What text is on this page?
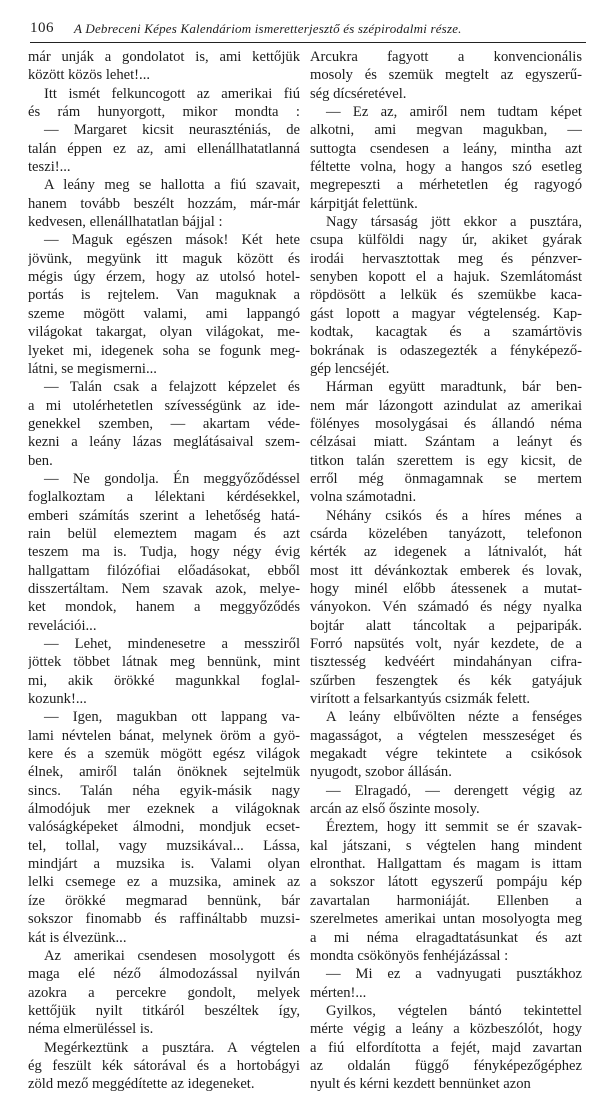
106 A Debreceni Képes Kalendáriom ismeretterjesztő és szépirodalmi része.
már unják a gondolatot is, ami kettőjük
között közös lehet!...
Itt ismét felkuncogott az amerikai fiú
és rám hunyorgott, mikor mondta :
— Margaret kicsit neuraszténiás, de
talán éppen ez az, ami ellenállhatatlanná
teszi!...
A leány meg se hallotta a fiú szavait,
hanem tovább beszélt hozzám, már-már
kedvesen, ellenállhatatlan bájjal :
— Maguk egészen mások! Két hete
jövünk, megyünk itt maguk között és
mégis úgy érzem, hogy az utolsó hotel-
portás is rejtelem. Van maguknak a
szeme mögött valami, ami lappangó
világokat takargat, olyan világokat, me-
lyeket mi, idegenek soha se fogunk meg-
látni, se megismerni...
— Talán csak a felajzott képzelet és
a mi utolérhetetlen szívességünk az ide-
genekkel szemben, — akartam véde-
kezni a leány lázas meglátásaival szem-
ben.
— Ne gondolja. Én meggyőződéssel
foglalkoztam a lélektani kérdésekkel,
emberi számítás szerint a lehetőség hatá-
rain belül elemeztem magam és azt
teszem ma is. Tudja, hogy négy évig
hallgattam filózófiai előadásokat, ebből
disszertáltam. Nem szavak azok, melye-
ket mondok, hanem a meggyőződés
revelációi...
— Lehet, mindenesetre a messziről
jöttek többet látnak meg bennünk, mint
mi, akik örökké magunkkal foglal-
kozunk!...
— Igen, magukban ott lappang va-
lami névtelen bánat, melynek öröm a gyö-
kere és a szemük mögött egész világok
élnek, amiről talán önöknek sejtelmük
sincs. Talán néha egyik-másik nagy
álmodójuk mer ezeknek a világoknak
valóságképeket álmodni, mondjuk ecset-
tel, tollal, vagy muzsikával... Lássa,
mindjárt a muzsika is. Valami olyan
lelki csemege ez a muzsika, aminek az
íze örökké megmarad bennünk, bár
sokszor finomabb és raffináltabb muzsi-
kát is élvezünk...
Az amerikai csendesen mosolygott és
maga elé néző álmodozással nyilván
azokra a percekre gondolt, melyek
kettőjük nyilt titkáról beszéltek így,
néma elmerüléssel is.
Megérkeztünk a pusztára. A végtelen
ég feszült kék sátorával és a hortobágyi
zöld mező meggédítette az idegeneket.
Arcukra fagyott a konvencionális
mosoly és szemük megtelt az egyszerű-
ség dícséretével.
— Ez az, amiről nem tudtam képet
alkotni, ami megvan magukban, —
suttogta csendesen a leány, mintha azt
féltette volna, hogy a hangos szó esetleg
megrepeszti a mérhetetlen ég ragyogó
kárpitját felettünk.
Nagy társaság jött ekkor a pusztára,
csupa külföldi nagy úr, akiket gyárak
irodái hervasztottak meg és pénzver-
senyben kopott el a hajuk. Szemlátomást
röpdösött a lelkük és szemükbe kaca-
gást lopott a magyar végtelenség. Kap-
kodtak, kacagtak és a szamártövis
bokrának is odaszegezték a fényképező-
gép lencséjét.
Hárman együtt maradtunk, bár ben-
nem már lázongott azindulat az amerikai
fölényes mosolygásai és állandó néma
célzásai miatt. Szántam a leányt és
titkon talán szerettem is egy kicsit, de
erről még önmagamnak se mertem
volna számotadni.
Néhány csikós és a híres ménes a
csárda közelében tanyázott, telefonon
kérték az idegenek a látnivalót, hát
most itt dévánkoztak emberek és lovak,
hogy minél előbb átessenek a mutat-
ványokon. Vén számadó és négy nyalka
bojtár alatt táncoltak a pejparipák.
Forró napsütés volt, nyár kezdete, de a
tisztesség kedvéért mindahányan cifra-
szűrben feszengtek és kék gatyájuk
virított a felsarkantyús csizmák felett.
A leány elbűvölten nézte a fenséges
magasságot, a végtelen messzeséget és
megakadt végre tekintete a csikósok
nyugodt, szobor állásán.
— Elragadó, — derengett végig az
arcán az első őszinte mosoly.
Éreztem, hogy itt semmit se ér szavak-
kal játszani, s végtelen hang mindent
elronthat. Hallgattam és magam is ittam
a sokszor látott egyszerű pompáju kép
zavartalan harmoniáját. Ellenben a
szerelmetes amerikai untan mosolyogta meg
a mi néma elragadtatásunkat és azt
mondta csökönyös fenhéjázással :
— Mi ez a vadnyugati pusztákhoz
mérten!...
Gyilkos, végtelen bántó tekintettel
mérte végig a leány a közbeszólót, hogy
a fiú elfordította a fejét, majd zavartan
az oldalán függő fényképezőgéphez
nyult és kérni kezdett bennünket azon
